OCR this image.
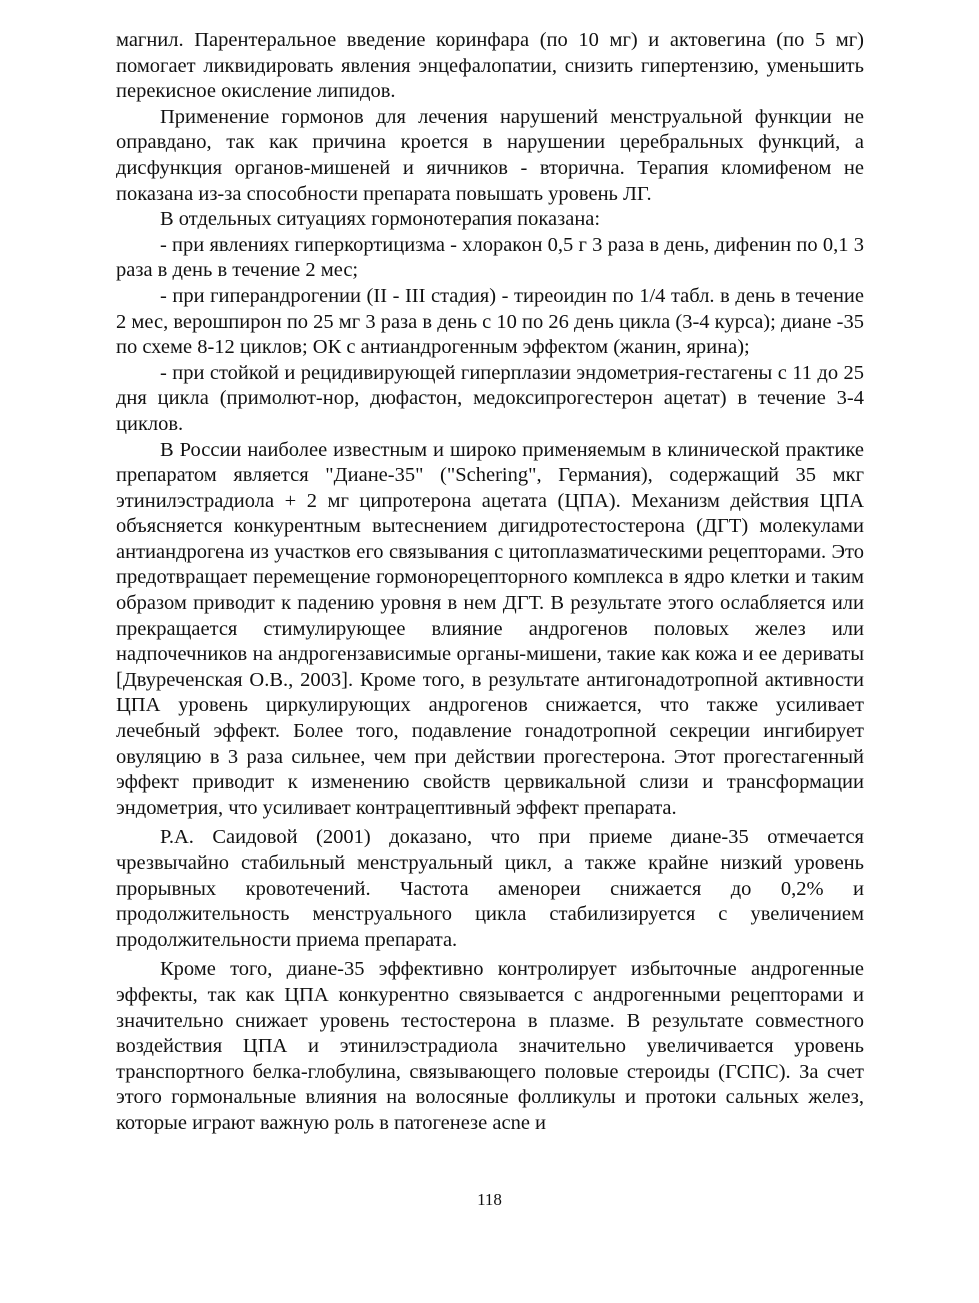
магнил. Парентеральное введение коринфара (по 10 мг) и актовегина (по 5 мг) помогает ликвидировать явления энцефалопатии, снизить гипертензию, уменьшить перекисное окисление липидов.

Применение гормонов для лечения нарушений менструальной функции не оправдано, так как причина кроется в нарушении церебральных функций, а дисфункция органов-мишеней и яичников - вторична. Терапия кломифеном не показана из-за способности препарата повышать уровень ЛГ.

В отдельных ситуациях гормонотерапия показана:

- при явлениях гиперкортицизма - хлоракон 0,5 г 3 раза в день, дифенин по 0,1 3 раза в день в течение 2 мес;

- при гиперандрогении (II - III стадия) - тиреоидин по 1/4 табл. в день в течение 2 мес, верошпирон по 25 мг 3 раза в день с 10 по 26 день цикла (3-4 курса); диане -35 по схеме 8-12 циклов; ОК с антиандрогенным эффектом (жанин, ярина);

- при стойкой и рецидивирующей гиперплазии эндометрия-гестагены с 11 до 25 дня цикла (примолют-нор, дюфастон, медоксипрогестерон ацетат) в течение 3-4 циклов.

В России наиболее известным и широко применяемым в клинической практике препаратом является "Диане-35" ("Schering", Германия), содержащий 35 мкг этинилэстрадиола + 2 мг ципротерона ацетата (ЦПА). Механизм действия ЦПА объясняется конкурентным вытеснением дигидротестостерона (ДГТ) молекулами антиандрогена из участков его связывания с цитоплазматическими рецепторами. Это предотвращает перемещение гормонорецепторного комплекса в ядро клетки и таким образом приводит к падению уровня в нем ДГТ. В результате этого ослабляется или прекращается стимулирующее влияние андрогенов половых желез или надпочечников на андрогензависимые органы-мишени, такие как кожа и ее дериваты [Двуреченская О.В., 2003]. Кроме того, в результате антигонадотропной активности ЦПА уровень циркулирующих андрогенов снижается, что также усиливает лечебный эффект. Более того, подавление гонадотропной секреции ингибирует овуляцию в 3 раза сильнее, чем при действии прогестерона. Этот прогестагенный эффект приводит к изменению свойств цервикальной слизи и трансформации эндометрия, что усиливает контрацептивный эффект препарата.

Р.А. Саидовой (2001) доказано, что при приеме диане-35 отмечается чрезвычайно стабильный менструальный цикл, а также крайне низкий уровень прорывных кровотечений. Частота аменореи снижается до 0,2% и продолжительность менструального цикла стабилизируется с увеличением продолжительности приема препарата.

Кроме того, диане-35 эффективно контролирует избыточные андрогенные эффекты, так как ЦПА конкурентно связывается с андрогенными рецепторами и значительно снижает уровень тестостерона в плазме. В результате совместного воздействия ЦПА и этинилэстрадиола значительно увеличивается уровень транспортного белка-глобулина, связывающего половые стероиды (ГСПС). За счет этого гормональные влияния на волосяные фолликулы и протоки сальных желез, которые играют важную роль в патогенезе acne и

118
